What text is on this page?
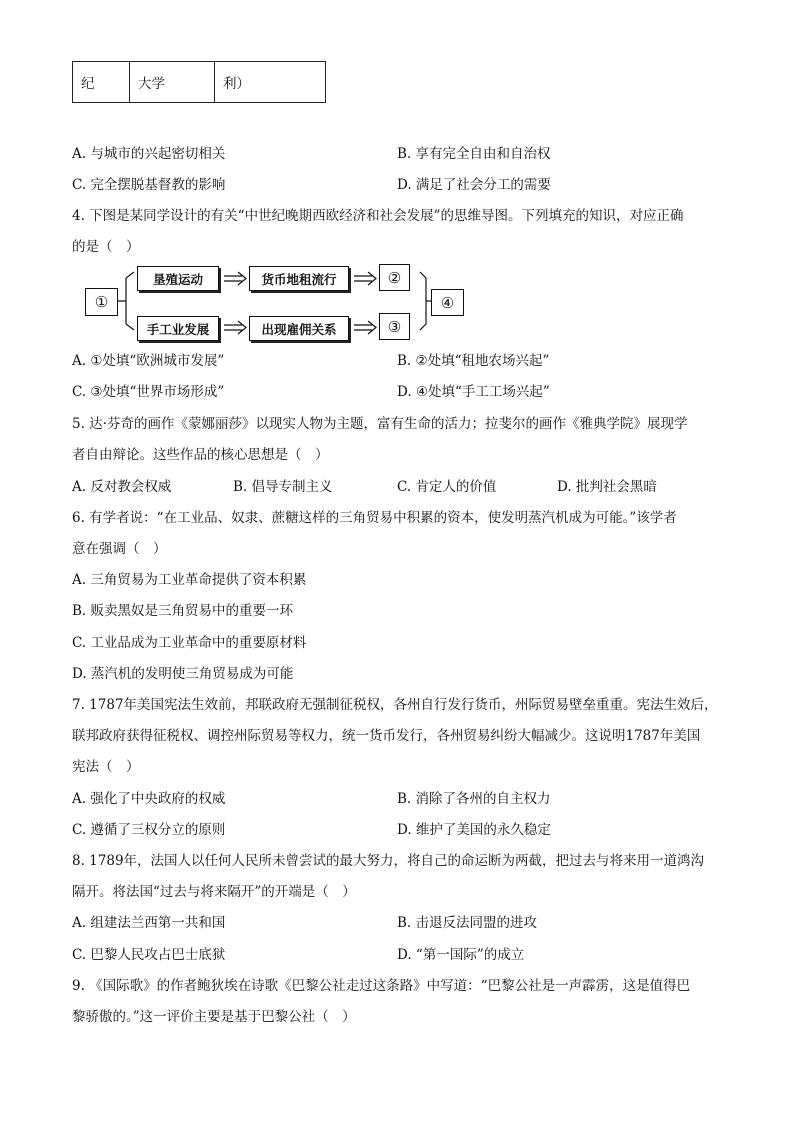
纪	大学	利）
A. 与城市的兴起密切相关	B. 享有完全自由和自治权
C. 完全摆脱基督教的影响	D. 满足了社会分工的需要
4. 下图是某同学设计的有关“中世纪晚期西欧经济和社会发展”的思维导图。下列填充的知识，对应正确
的是（　）
①
垦殖运动	货币地租流行	②
手工业发展	出现雇佣关系	③
④
A. ①处填“欧洲城市发展”	B. ②处填“租地农场兴起”
C. ③处填“世界市场形成”	D. ④处填“手工工场兴起”
5. 达·芬奇的画作《蒙娜丽莎》以现实人物为主题，富有生命的活力；拉斐尔的画作《雅典学院》展现学
者自由辩论。这些作品的核心思想是（　）
A. 反对教会权威	B. 倡导专制主义	C. 肯定人的价值	D. 批判社会黑暗
6. 有学者说：“在工业品、奴隶、蔗糖这样的三角贸易中积累的资本，使发明蒸汽机成为可能。”该学者
意在强调（　）
A. 三角贸易为工业革命提供了资本积累
B. 贩卖黑奴是三角贸易中的重要一环
C. 工业品成为工业革命中的重要原材料
D. 蒸汽机的发明使三角贸易成为可能
7. 1787年美国宪法生效前，邦联政府无强制征税权，各州自行发行货币，州际贸易壁垒重重。宪法生效后，
联邦政府获得征税权、调控州际贸易等权力，统一货币发行，各州贸易纠纷大幅减少。这说明1787年美国
宪法（　）
A. 强化了中央政府的权威	B. 消除了各州的自主权力
C. 遵循了三权分立的原则	D. 维护了美国的永久稳定
8. 1789年，法国人以任何人民所未曾尝试的最大努力，将自己的命运断为两截，把过去与将来用一道鸿沟
隔开。将法国“过去与将来隔开”的开端是（　）
A. 组建法兰西第一共和国	B. 击退反法同盟的进攻
C. 巴黎人民攻占巴士底狱	D. “第一国际”的成立
9. 《国际歌》的作者鲍狄埃在诗歌《巴黎公社走过这条路》中写道：“巴黎公社是一声霹雳，这是值得巴
黎骄傲的。”这一评价主要是基于巴黎公社（　）
